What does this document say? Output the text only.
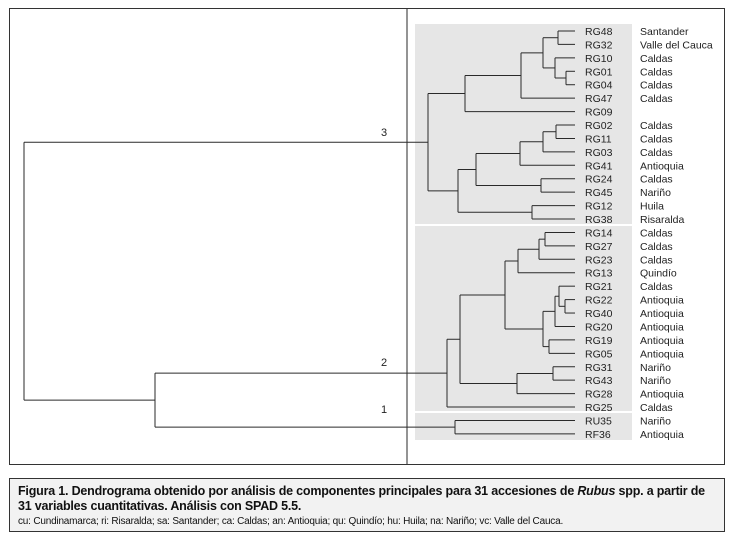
3
2
1
RG48	Santander
RG32	Valle del Cauca
RG10	Caldas
RG01	Caldas
RG04	Caldas
RG47	Caldas
RG09
RG02	Caldas
RG11	Caldas
RG03	Caldas
RG41	Antioquia
RG24	Caldas
RG45	Nariño
RG12	Huila
RG38	Risaralda
RG14	Caldas
RG27	Caldas
RG23	Caldas
RG13	Quindío
RG21	Caldas
RG22	Antioquia
RG40	Antioquia
RG20	Antioquia
RG19	Antioquia
RG05	Antioquia
RG31	Nariño
RG43	Nariño
RG28	Antioquia
RG25	Caldas
RU35	Nariño
RF36	Antioquia

Figura 1. Dendrograma obtenido por análisis de componentes principales para 31 accesiones de Rubus spp. a partir de 31 variables cuantitativas. Análisis con SPAD 5.5.

cu: Cundinamarca; ri: Risaralda; sa: Santander; ca: Caldas; an: Antioquia; qu: Quindío; hu: Huila; na: Nariño; vc: Valle del Cauca.
